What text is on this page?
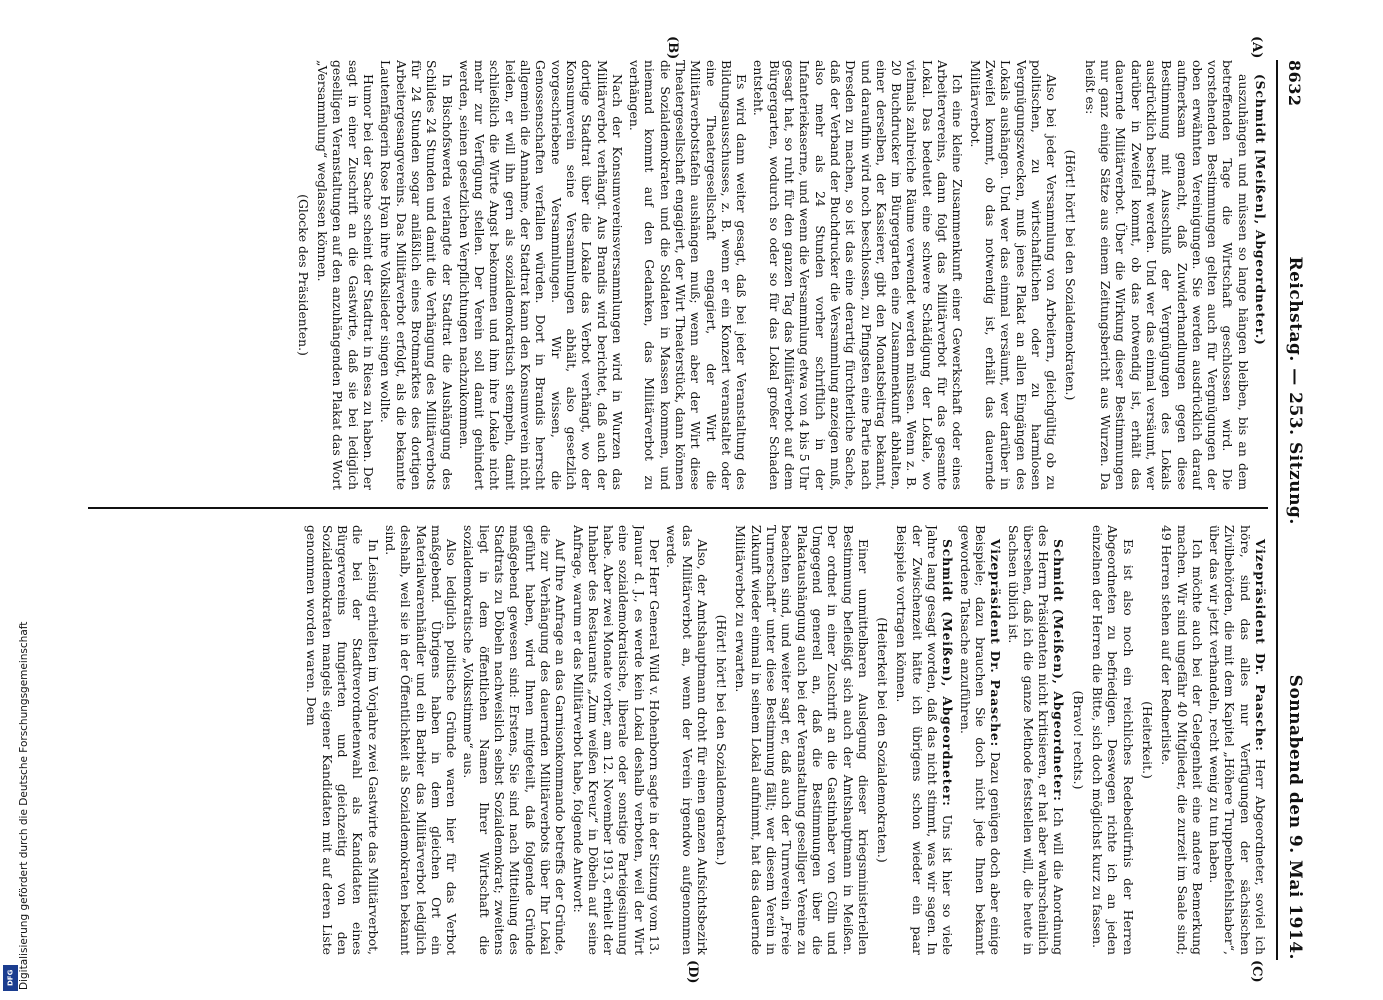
8632
Reichstag. — 253. Sitzung.
Sonnabend den 9. Mai 1914.
(A)
(B)
(C)
(D)

(Schmidt [Meißen], Abgeordneter.)

auszuhängen und müssen so lange hängen bleiben, bis an dem betreffenden Tage die Wirtschaft geschlossen wird. Die vorstehenden Bestimmungen gelten auch für Vergnügungen der oben erwähnten Vereinigungen. Sie werden ausdrücklich darauf aufmerksam gemacht, daß Zuwiderhandlungen gegen diese Bestimmung mit Ausschluß der Vergnügungen des Lokals ausdrücklich bestraft werden. Und wer das einmal versäumt, wer darüber in Zweifel kommt, ob das notwendig ist, erhält das dauernde Militärverbot. Über die Wirkung dieser Bestimmungen nur ganz einige Sätze aus einem Zeitungsbericht aus Wurzen. Da heißt es:

(Hört! hört! bei den Sozialdemokraten.)

Also bei jeder Versammlung von Arbeitern, gleichgültig ob zu politischen, zu wirtschaftlichen oder zu harmlosen Vergnügungszwecken, muß jenes Plakat an allen Eingängen des Lokals aushängen. Und wer das einmal versäumt, wer darüber in Zweifel kommt, ob das notwendig ist, erhält das dauernde Militärverbot.

Ich eine kleine Zusammenkunft einer Gewerkschaft oder eines Arbeitervereins, dann folgt das Militärverbot für das gesamte Lokal. Das bedeutet eine schwere Schädigung der Lokale, wo vielmals zahlreiche Räume verwendet werden müssen. Wenn z. B. 20 Buchdrucker im Bürgergarten eine Zusammenkunft abhalten, einer derselben, der Kassierer, gibt den Monatsbeitrag bekannt, und daraufhin wird noch beschlossen, zu Pfingsten eine Partie nach Dresden zu machen, so ist das eine derartig fürchterliche Sache, daß der Verband der Buchdrucker die Versammlung anzeigen muß, also mehr als 24 Stunden vorher schriftlich in der Infanteriekaserne, und wenn die Versammlung etwa von 4 bis 5 Uhr gesagt hat, so ruht für den ganzen Tag das Militärverbot auf dem Bürgergarten, wodurch so oder so für das Lokal großer Schaden entsteht.

Es wird dann weiter gesagt, daß bei jeder Veranstaltung des Bildungsausschusses, z. B. wenn er ein Konzert veranstaltet oder eine Theatergesellschaft engagiert, der Wirt die Militärverbotstafeln aushängen muß; wenn aber der Wirt diese Theatergesellschaft engagiert, der Wirt Theaterstück, dann können die Sozialdemokraten und die Soldaten in Massen kommen, und niemand kommt auf den Gedanken, das Militärverbot zu verhängen.

Nach der Konsumvereinsversammlungen wird in Wurzen das Militärverbot verhängt. Aus Brandis wird berichtet, daß auch der dortige Stadtrat über die Lokale das Verbot verhängt, wo der Konsumverein seine Versammlungen abhält, also gesetzlich vorgeschriebene Versammlungen. Wir wissen, die Genossenschaften verfallen würden. Dort in Brandis herrscht allgemein die Annahme, der Stadtrat kann den Konsumverein nicht leiden, er will ihn gern als sozialdemokratisch stempeln, damit schließlich die Wirte Angst bekommen und ihm ihre Lokale nicht mehr zur Verfügung stellen. Der Verein soll damit gehindert werden, seinen gesetzlichen Verpflichtungen nachzukommen.

In Bischofswerda verlangte der Stadtrat die Aushängung des Schildes 24 Stunden und damit die Verhängung des Militärverbots für 24 Stunden sogar anläßlich eines Brotmarktes des dortigen Arbeitergesangvereins. Das Militärverbot erfolgt, als die bekannte Lautenfängerin Rose Hyan ihre Volkslieder singen wollte.

Humor bei der Sache scheint der Stadtrat in Riesa zu haben. Der sagt in einer Zuschrift an die Gastwirte, daß sie bei lediglich geselligen Veranstaltungen auf den anzuhängenden Plakat das Wort „Versammlung“ weglassen können.

(Glocke des Präsidenten.)

Vizepräsident Dr. Paasche: Herr Abgeordneter, soviel ich höre, sind das alles nur Verfügungen der sächsischen Zivilbehörden, die mit dem Kapitel „Höhere Truppenbefehlshaber“, über das wir jetzt verhandeln, recht wenig zu tun haben.

Ich möchte auch bei der Gelegenheit eine andere Bemerkung machen. Wir sind ungefähr 40 Mitglieder, die zurzeit im Saale sind; 49 Herren stehen auf der Rednerliste.

(Heiterkeit.)

Es ist also noch ein reichliches Redebedürfnis der Herren Abgeordneten zu befriedigen. Deswegen richte ich an jeden einzelnen der Herren die Bitte, sich doch möglichst kurz zu fassen.

(Bravo! rechts.)

Schmidt (Meißen), Abgeordneter: Ich will die Anordnung des Herrn Präsidenten nicht kritisieren, er hat aber wahrscheinlich übersehen, daß ich die ganze Methode feststellen will, die heute in Sachsen üblich ist.

Vizepräsident Dr. Paasche: Dazu genügen doch aber einige Beispiele; dazu brauchen Sie doch nicht jede Ihnen bekannt gewordene Tatsache anzuführen.

Schmidt (Meißen), Abgeordneter: Uns ist hier so viele Jahre lang gesagt worden, daß das nicht stimmt, was wir sagen. In der Zwischenzeit hätte ich übrigens schon wieder ein paar Beispiele vortragen können.

(Heiterkeit bei den Sozialdemokraten.)

Einer unmittelbaren Auslegung dieser kriegsministeriellen Bestimmung befleißigt sich auch der Amtshauptmann in Meißen. Der ordnet in einer Zuschrift an die Gastinhaber von Cölln und Umgegend generell an, daß die Bestimmungen über die Plakataushängung auch bei der Veranstaltung geselliger Vereine zu beachten sind, und weiter sagt er, daß auch der Turnverein „Freie Turnerschaft“ unter diese Bestimmung fällt; wer diesem Verein in Zukunft wieder einmal in seinem Lokal aufnimmt, hat das dauernde Militärverbot zu erwarten.

(Hört! hört! bei den Sozialdemokraten.)

Also, der Amtshauptmann droht für einen ganzen Aufsichtsbezirk das Militärverbot an, wenn der Verein irgendwo aufgenommen werde.

Der Herr General Wild v. Hohenborn sagte in der Sitzung vom 13. Januar d. J., es werde kein Lokal deshalb verboten, weil der Wirt eine sozialdemokratische, liberale oder sonstige Parteigesinnung habe. Aber zwei Monate vorher, am 12. November 1913, erhielt der Inhaber des Restaurants „Zum weißen Kreuz“ in Döbeln auf seine Anfrage, warum er das Militärverbot habe, folgende Antwort:

Auf Ihre Anfrage an das Garnisonkommando betreffs der Gründe, die zur Verhängung des dauernden Militärverbots über Ihr Lokal geführt haben, wird Ihnen mitgeteilt, daß folgende Gründe maßgebend gewesen sind: Erstens, Sie sind nach Mitteilung des Stadtrats zu Döbeln nachweislich selbst Sozialdemokrat; zweitens liegt in dem öffentlichen Namen Ihrer Wirtschaft die sozialdemokratische „Volksstimme“ aus.

Also lediglich politische Gründe waren hier für das Verbot maßgebend. Übrigens haben in dem gleichen Ort ein Materialwarenhändler und ein Barbier das Militärverbot lediglich deshalb, weil sie in der Öffentlichkeit als Sozialdemokraten bekannt sind.

In Leisnig erhielten im Vorjahre zwei Gastwirte das Militärverbot, die bei der Stadtverordnetenwahl als Kandidaten eines Bürgervereins fungierten und gleichzeitig von den Sozialdemokraten mangels eigener Kandidaten mit auf deren Liste genommen worden waren. Dem

Digitalisierung gefördert durch die Deutsche Forschungsgemeinschaft
DFG
